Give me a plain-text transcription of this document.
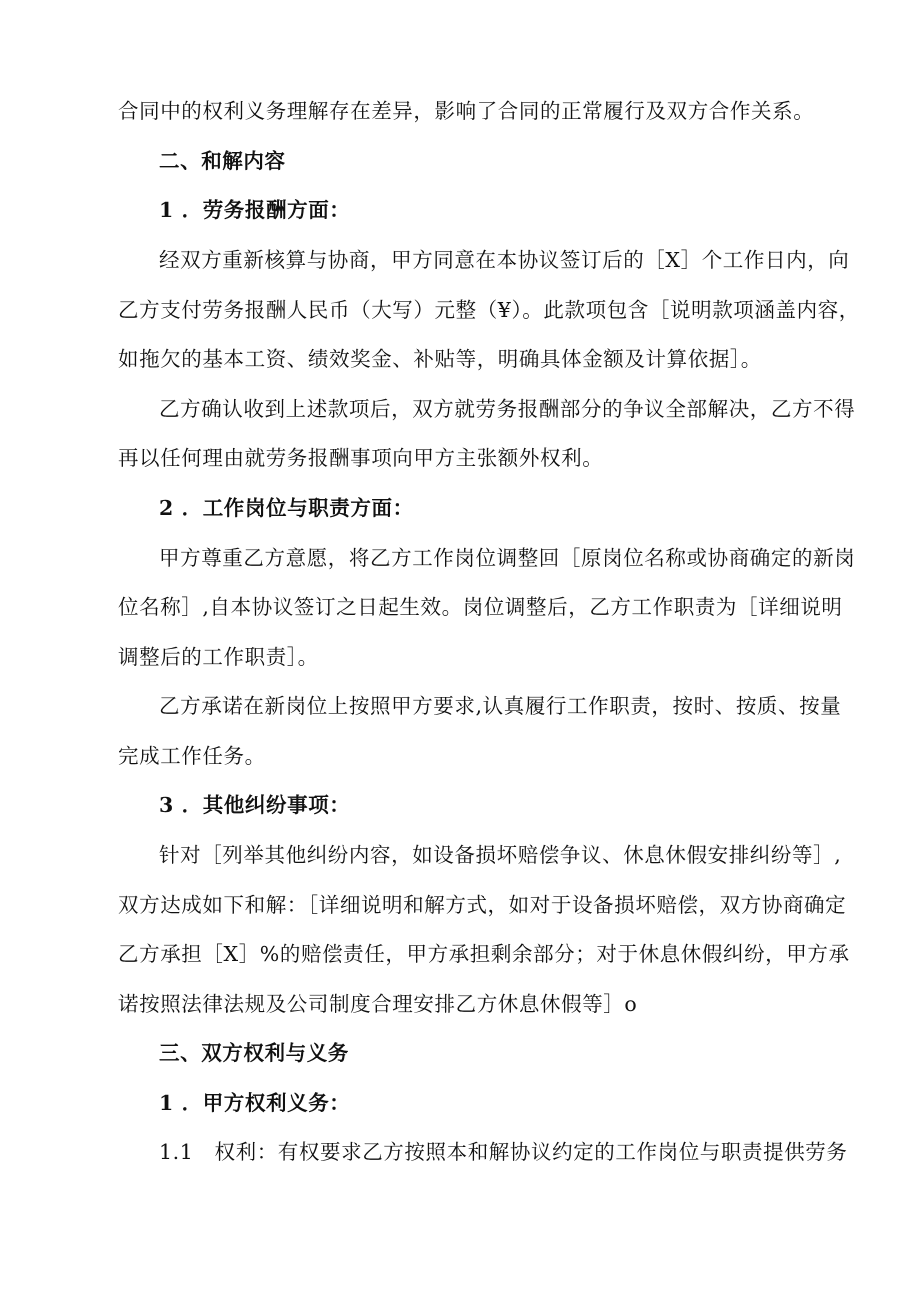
合同中的权利义务理解存在差异，影响了合同的正常履行及双方合作关系。
二、和解内容
1 ．劳务报酬方面：
经双方重新核算与协商，甲方同意在本协议签订后的［X］个工作日内，向
乙方支付劳务报酬人民币（大写）元整（¥）。此款项包含［说明款项涵盖内容，
如拖欠的基本工资、绩效奖金、补贴等，明确具体金额及计算依据］。
乙方确认收到上述款项后，双方就劳务报酬部分的争议全部解决，乙方不得
再以任何理由就劳务报酬事项向甲方主张额外权利。
2 ．工作岗位与职责方面：
甲方尊重乙方意愿，将乙方工作岗位调整回［原岗位名称或协商确定的新岗
位名称］,自本协议签订之日起生效。岗位调整后，乙方工作职责为［详细说明
调整后的工作职责］。
乙方承诺在新岗位上按照甲方要求,认真履行工作职责，按时、按质、按量
完成工作任务。
3 ．其他纠纷事项：
针对［列举其他纠纷内容，如设备损坏赔偿争议、休息休假安排纠纷等］,
双方达成如下和解：［详细说明和解方式，如对于设备损坏赔偿，双方协商确定
乙方承担［X］%的赔偿责任，甲方承担剩余部分；对于休息休假纠纷，甲方承
诺按照法律法规及公司制度合理安排乙方休息休假等］o
三、双方权利与义务
1 ．甲方权利义务：
1.1　权利：有权要求乙方按照本和解协议约定的工作岗位与职责提供劳务
